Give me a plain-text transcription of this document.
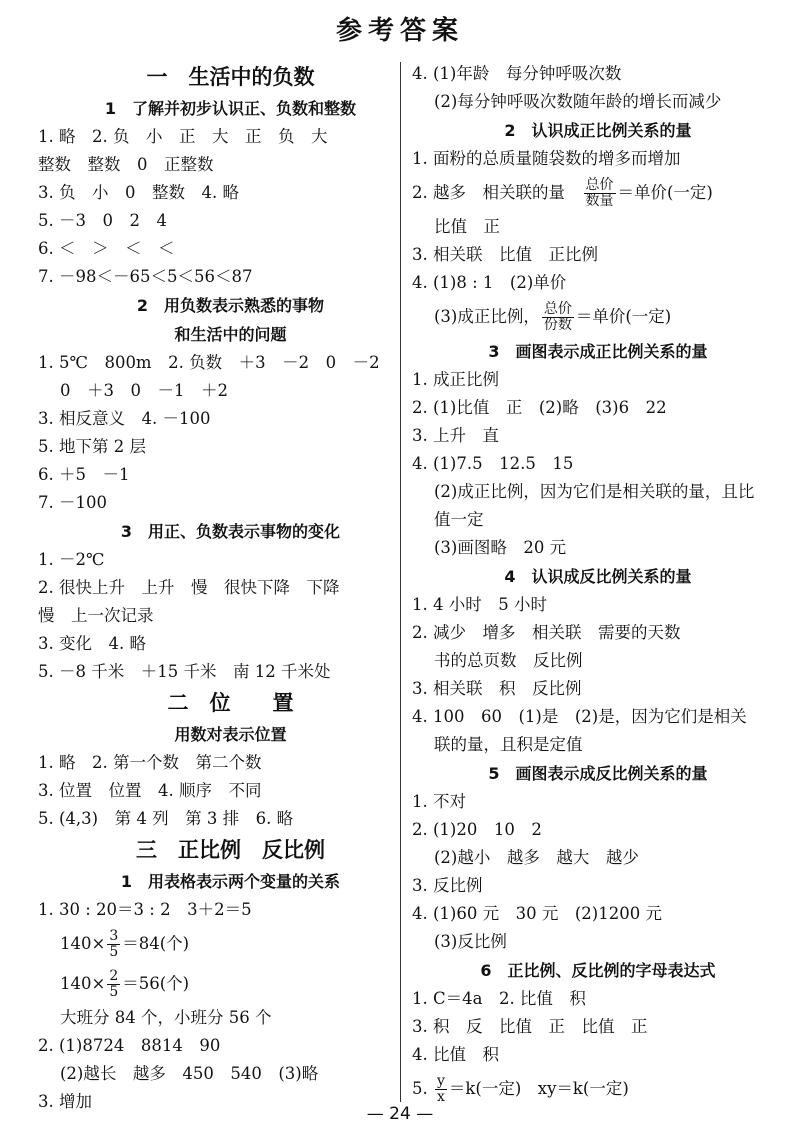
参考答案
一　生活中的负数
1　了解并初步认识正、负数和整数
1. 略　2. 负　小　正　大　正　负　大
整数　整数　0　正整数
3. 负　小　0　整数　4. 略
5. －3　0　2　4
6. ＜　＞　＜　＜
7. －98＜－65＜5＜56＜87
2　用负数表示熟悉的事物
和生活中的问题
1. 5℃　800m　2. 负数　＋3　－2　0　－2
0　＋3　0　－1　＋2
3. 相反意义　4. －100
5. 地下第 2 层
6. ＋5　－1
7. －100
3　用正、负数表示事物的变化
1. －2℃
2. 很快上升　上升　慢　很快下降　下降
慢　上一次记录
3. 变化　4. 略
5. －8 千米　＋15 千米　南 12 千米处
二　位　　置
用数对表示位置
1. 略　2. 第一个数　第二个数
3. 位置　位置　4. 顺序　不同
5. (4,3)　第 4 列　第 3 排　6. 略
三　正比例　反比例
1　用表格表示两个变量的关系
1. 30 : 20＝3 : 2　3＋2＝5
$140\times \frac{3}{5} =84$(个)
$140\times \frac{2}{5} =56$(个)
大班分 84 个，小班分 56 个
2. (1)8724　8814　90
(2)越长　越多　450　540　(3)略
3. 增加
4. (1)年龄　每分钟呼吸次数
(2)每分钟呼吸次数随年龄的增长而减少
2　认识成正比例关系的量
1. 面粉的总质量随袋数的增多而增加
2. 越多　相关联的量　 $\frac{\text{总价}}{\text{数量}}$ ＝单价(一定)
比值　正
3. 相关联　比值　正比例
4. (1)8 : 1　(2)单价
(3)成正比例， $\frac{\text{总价}}{\text{份数}}$ ＝单价(一定)
3　画图表示成正比例关系的量
1. 成正比例
2. (1)比值　正　(2)略　(3)6　22
3. 上升　直
4. (1)7.5　12.5　15
(2)成正比例，因为它们是相关联的量，且比
值一定
(3)画图略　20 元
4　认识成反比例关系的量
1. 4 小时　5 小时
2. 减少　增多　相关联　需要的天数
书的总页数　反比例
3. 相关联　积　反比例
4. 100　60　(1)是　(2)是，因为它们是相关
联的量，且积是定值
5　画图表示成反比例关系的量
1. 不对
2. (1)20　10　2
(2)越小　越多　越大　越少
3. 反比例
4. (1)60 元　30 元　(2)1200 元
(3)反比例
6　正比例、反比例的字母表达式
1. C＝4a　2. 比值　积
3. 积　反　比值　正　比值　正
4. 比值　积
5. $\frac{y}{x} =k$(一定)　xy＝k(一定)
— 24 —
